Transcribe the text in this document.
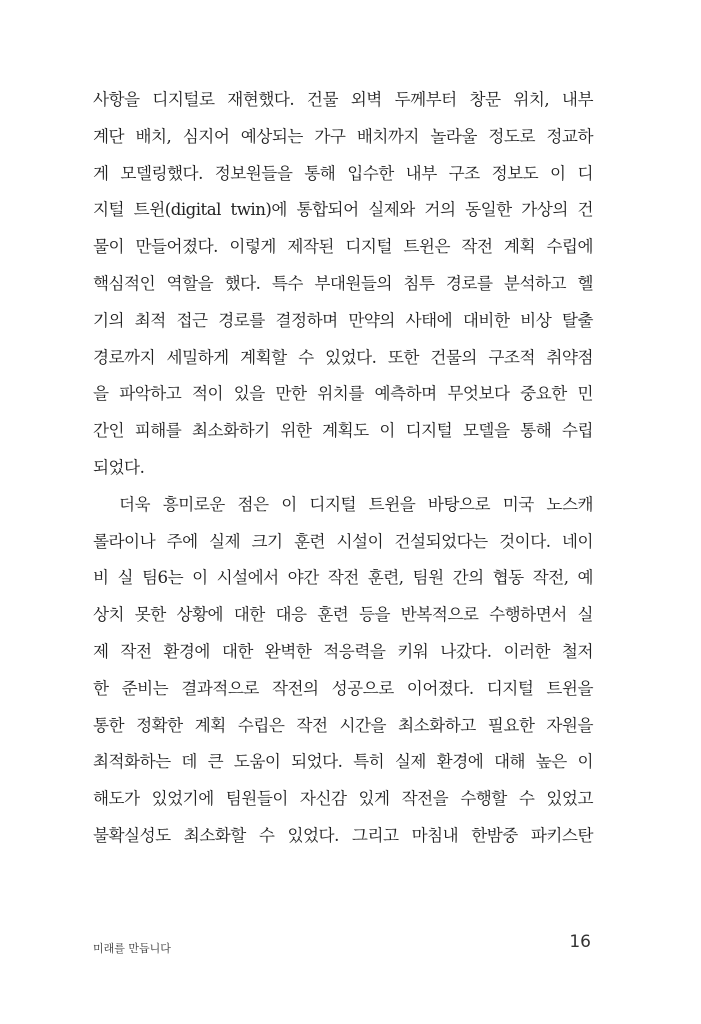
사항을 디지털로 재현했다. 건물 외벽 두께부터 창문 위치, 내부
계단 배치, 심지어 예상되는 가구 배치까지 놀라울 정도로 정교하
게 모델링했다. 정보원들을 통해 입수한 내부 구조 정보도 이 디
지털 트윈(digital twin)에 통합되어 실제와 거의 동일한 가상의 건
물이 만들어졌다. 이렇게 제작된 디지털 트윈은 작전 계획 수립에
핵심적인 역할을 했다. 특수 부대원들의 침투 경로를 분석하고 헬
기의 최적 접근 경로를 결정하며 만약의 사태에 대비한 비상 탈출
경로까지 세밀하게 계획할 수 있었다. 또한 건물의 구조적 취약점
을 파악하고 적이 있을 만한 위치를 예측하며 무엇보다 중요한 민
간인 피해를 최소화하기 위한 계획도 이 디지털 모델을 통해 수립
되었다.
더욱 흥미로운 점은 이 디지털 트윈을 바탕으로 미국 노스캐
롤라이나 주에 실제 크기 훈련 시설이 건설되었다는 것이다. 네이
비 실 팀6는 이 시설에서 야간 작전 훈련, 팀원 간의 협동 작전, 예
상치 못한 상황에 대한 대응 훈련 등을 반복적으로 수행하면서 실
제 작전 환경에 대한 완벽한 적응력을 키워 나갔다. 이러한 철저
한 준비는 결과적으로 작전의 성공으로 이어졌다. 디지털 트윈을
통한 정확한 계획 수립은 작전 시간을 최소화하고 필요한 자원을
최적화하는 데 큰 도움이 되었다. 특히 실제 환경에 대해 높은 이
해도가 있었기에 팀원들이 자신감 있게 작전을 수행할 수 있었고
불확실성도 최소화할 수 있었다. 그리고 마침내 한밤중 파키스탄
미래를 만듭니다	16
